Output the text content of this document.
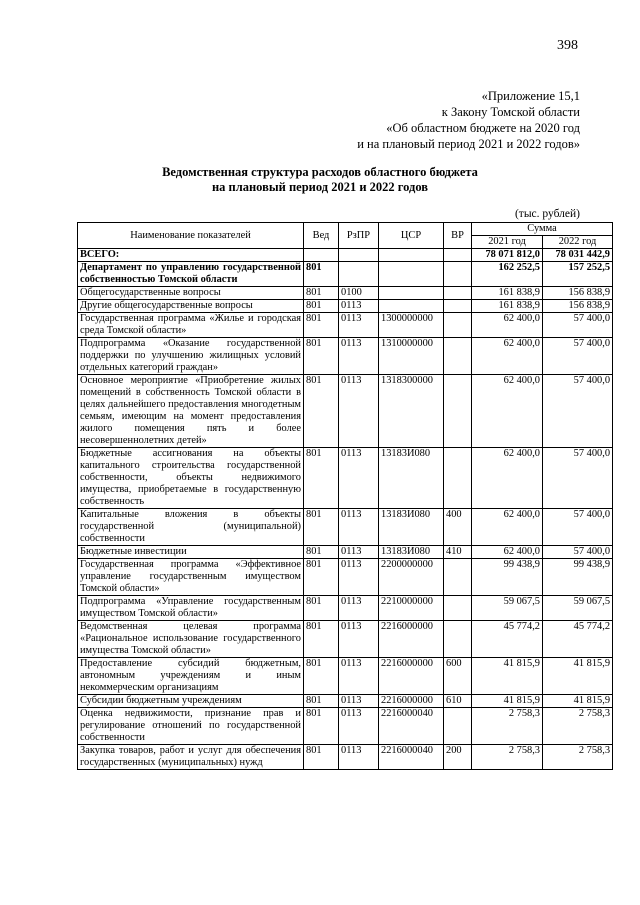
398
«Приложение 15,1
к Закону Томской области
«Об областном бюджете на 2020 год
и на плановый период 2021 и 2022 годов»
Ведомственная структура расходов областного бюджета
на плановый период 2021 и 2022 годов
(тыс. рублей)
Наименование показателей	Вед	РзПР	ЦСР	ВР	Сумма	
					2021 год	2022 год
ВСЕГО:					78 071 812,0	78 031 442,9
Департамент по управлению государственной собственностью Томской области	801				162 252,5	157 252,5
Общегосударственные вопросы	801	0100			161 838,9	156 838,9
Другие общегосударственные вопросы	801	0113			161 838,9	156 838,9
Государственная программа «Жилье и городская среда Томской области»	801	0113	1300000000		62 400,0	57 400,0
Подпрограмма «Оказание государственной поддержки по улучшению жилищных условий отдельных категорий граждан»	801	0113	1310000000		62 400,0	57 400,0
Основное мероприятие «Приобретение жилых помещений в собственность Томской области в целях дальнейшего предоставления многодетным семьям, имеющим на момент предоставления жилого помещения пять и более несовершеннолетних детей»	801	0113	1318300000		62 400,0	57 400,0
Бюджетные ассигнования на объекты капитального строительства государственной собственности, объекты недвижимого имущества, приобретаемые в государственную собственность	801	0113	13183И080		62 400,0	57 400,0
Капитальные вложения в объекты государственной (муниципальной) собственности	801	0113	13183И080	400	62 400,0	57 400,0
Бюджетные инвестиции	801	0113	13183И080	410	62 400,0	57 400,0
Государственная программа «Эффективное управление государственным имуществом Томской области»	801	0113	2200000000		99 438,9	99 438,9
Подпрограмма «Управление государственным имуществом Томской области»	801	0113	2210000000		59 067,5	59 067,5
Ведомственная целевая программа «Рациональное использование государственного имущества Томской области»	801	0113	2216000000		45 774,2	45 774,2
Предоставление субсидий бюджетным, автономным учреждениям и иным некоммерческим организациям	801	0113	2216000000	600	41 815,9	41 815,9
Субсидии бюджетным учреждениям	801	0113	2216000000	610	41 815,9	41 815,9
Оценка недвижимости, признание прав и регулирование отношений по государственной собственности	801	0113	2216000040		2 758,3	2 758,3
Закупка товаров, работ и услуг для обеспечения государственных (муниципальных) нужд	801	0113	2216000040	200	2 758,3	2 758,3
